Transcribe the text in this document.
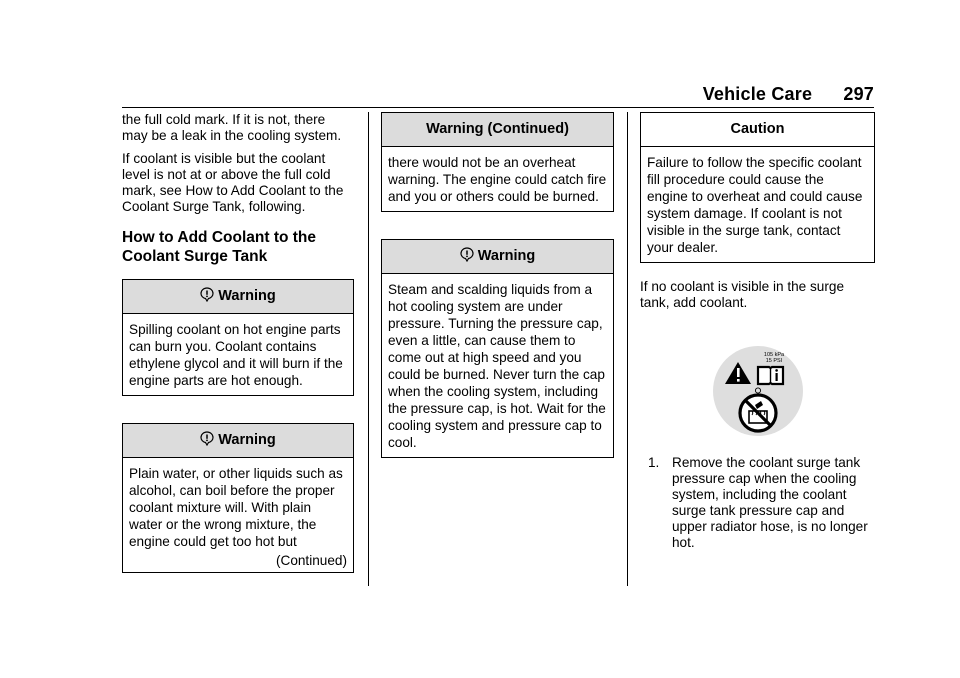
Vehicle Care 297

the full cold mark. If it is not, there may be a leak in the cooling system.

If coolant is visible but the coolant level is not at or above the full cold mark, see How to Add Coolant to the Coolant Surge Tank, following.

How to Add Coolant to the Coolant Surge Tank
Warning
Spilling coolant on hot engine parts can burn you. Coolant contains ethylene glycol and it will burn if the engine parts are hot enough.
Warning
Plain water, or other liquids such as alcohol, can boil before the proper coolant mixture will. With plain water or the wrong mixture, the engine could get too hot but
(Continued)
Warning (Continued)
there would not be an overheat warning. The engine could catch fire and you or others could be burned.
Warning
Steam and scalding liquids from a hot cooling system are under pressure. Turning the pressure cap, even a little, can cause them to come out at high speed and you could be burned. Never turn the cap when the cooling system, including the pressure cap, is hot. Wait for the cooling system and pressure cap to cool.
Caution
Failure to follow the specific coolant fill procedure could cause the engine to overheat and could cause system damage. If coolant is not visible in the surge tank, contact your dealer.

If no coolant is visible in the surge tank, add coolant.

105 kPa
15 PSI
1. Remove the coolant surge tank pressure cap when the cooling system, including the coolant surge tank pressure cap and upper radiator hose, is no longer hot.
